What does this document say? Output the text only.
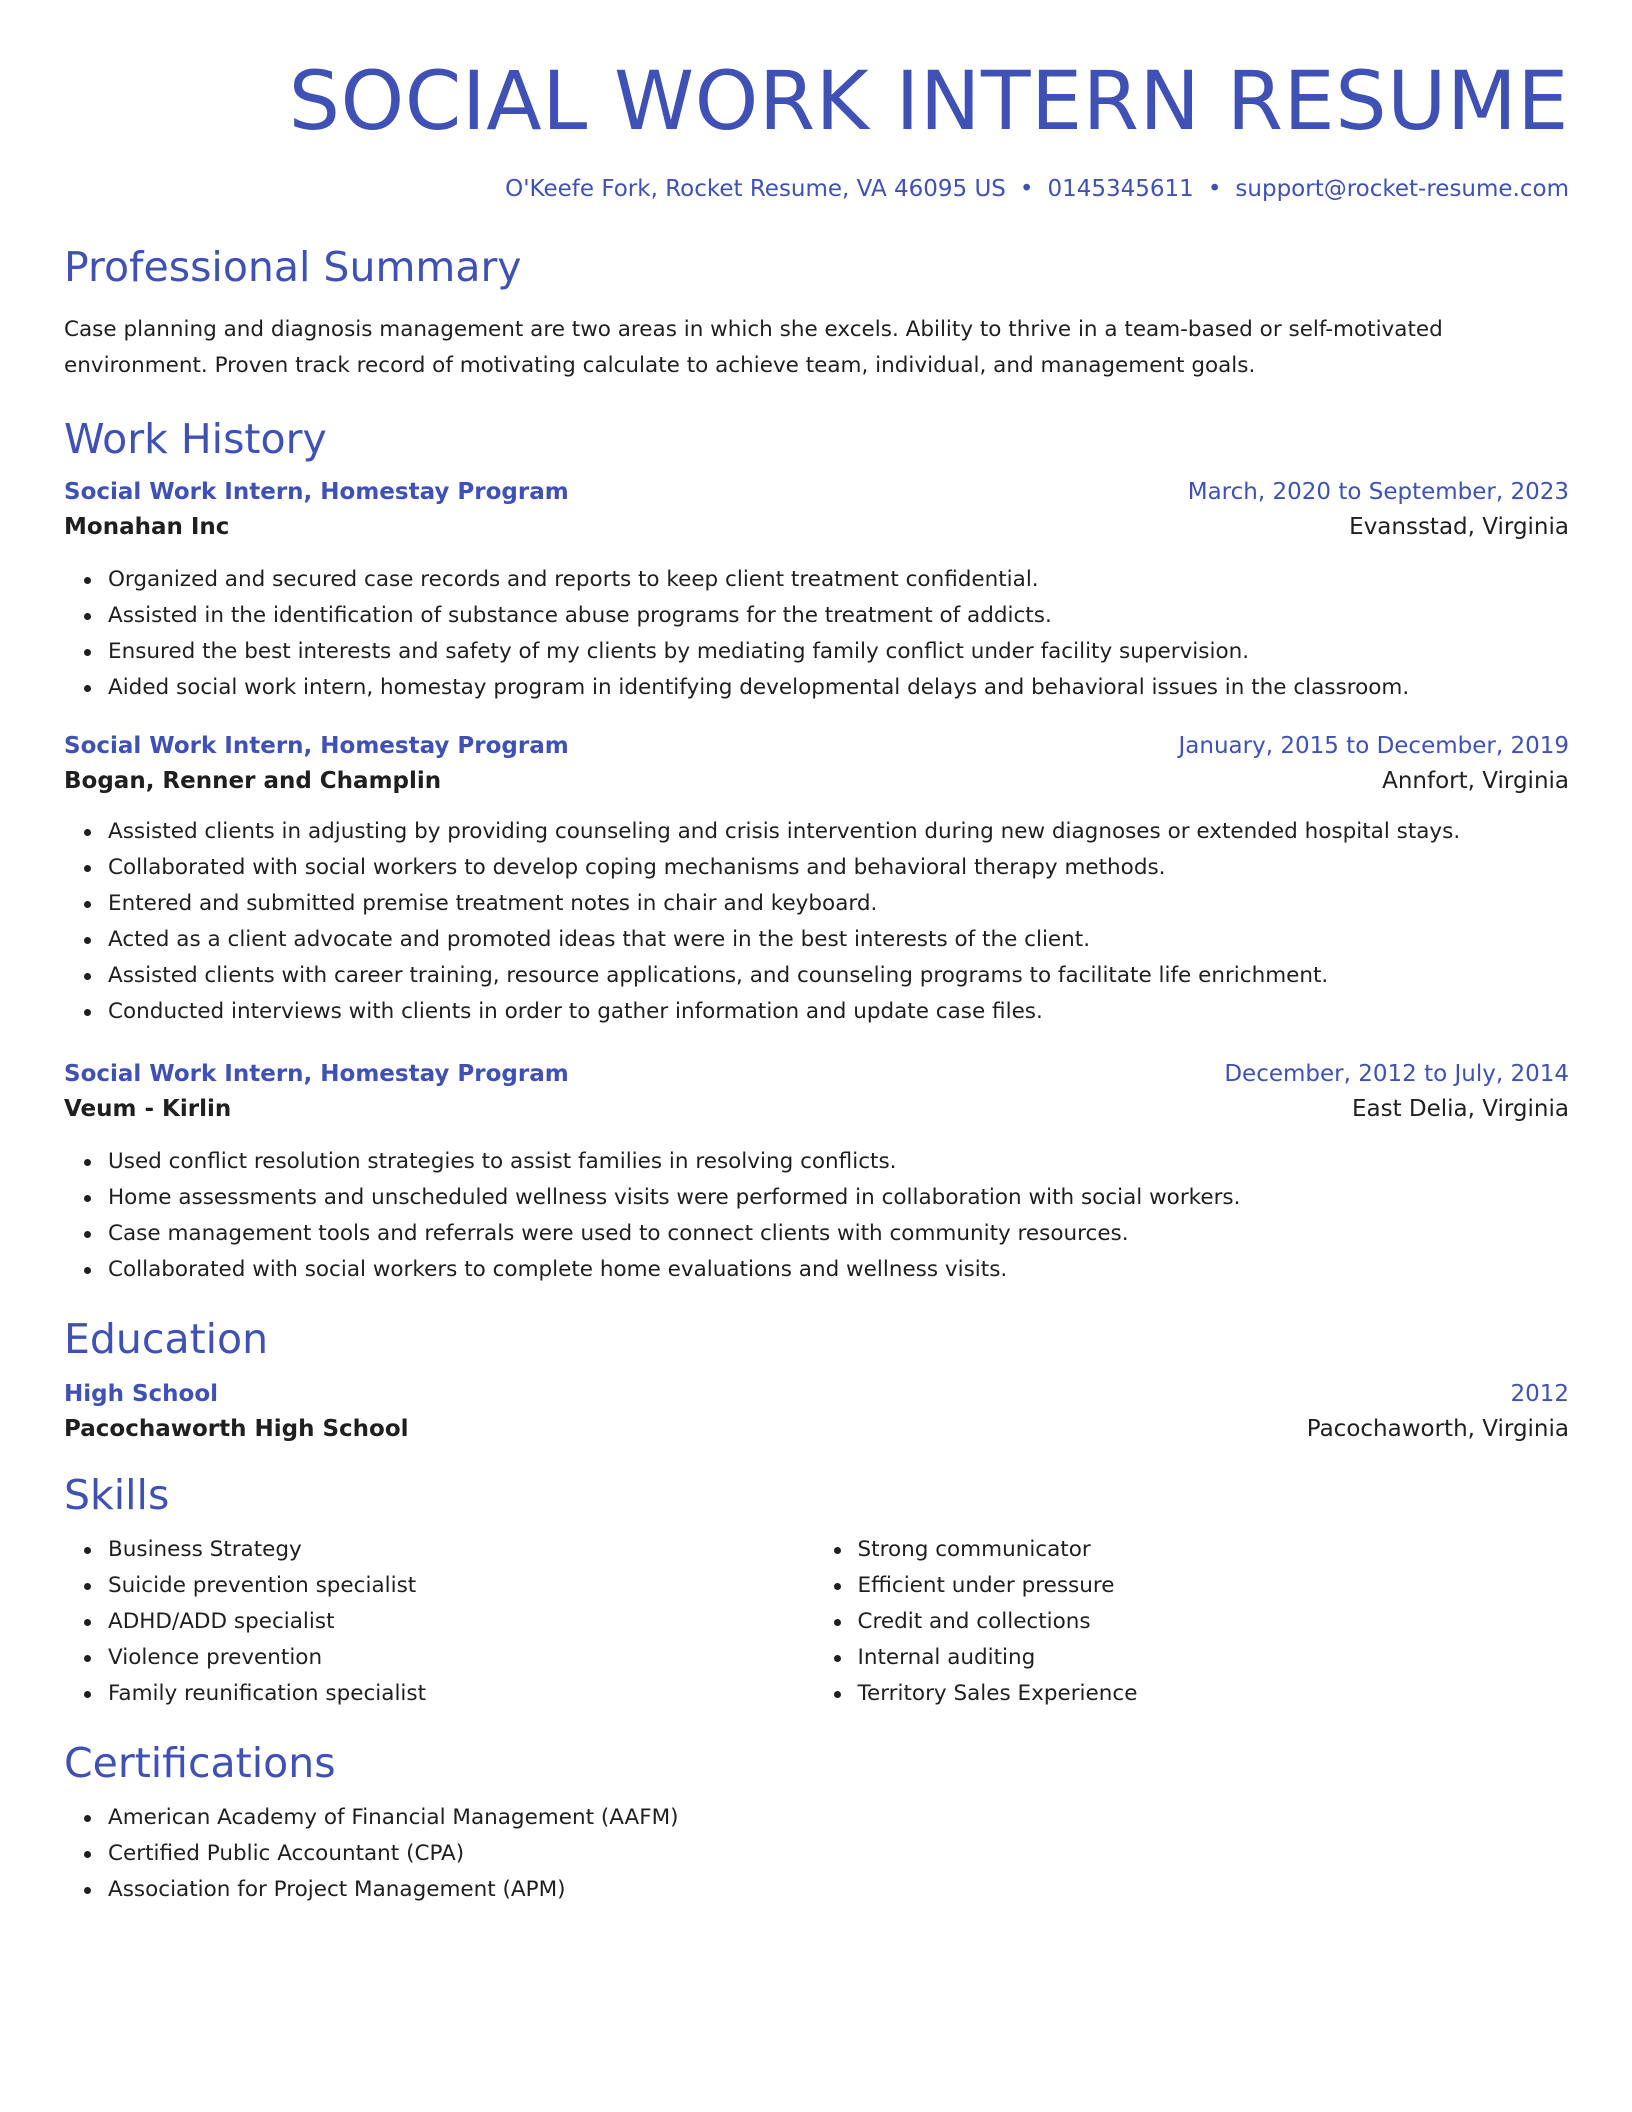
SOCIAL WORK INTERN RESUME
O'Keefe Fork, Rocket Resume, VA 46095 US • 0145345611 • support@rocket-resume.com
Professional Summary
Case planning and diagnosis management are two areas in which she excels. Ability to thrive in a team-based or self-motivated environment. Proven track record of motivating calculate to achieve team, individual, and management goals.
Work History
Social Work Intern, Homestay Program	March, 2020 to September, 2023
Monahan Inc	Evansstad, Virginia
Organized and secured case records and reports to keep client treatment confidential.
Assisted in the identification of substance abuse programs for the treatment of addicts.
Ensured the best interests and safety of my clients by mediating family conflict under facility supervision.
Aided social work intern, homestay program in identifying developmental delays and behavioral issues in the classroom.
Social Work Intern, Homestay Program	January, 2015 to December, 2019
Bogan, Renner and Champlin	Annfort, Virginia
Assisted clients in adjusting by providing counseling and crisis intervention during new diagnoses or extended hospital stays.
Collaborated with social workers to develop coping mechanisms and behavioral therapy methods.
Entered and submitted premise treatment notes in chair and keyboard.
Acted as a client advocate and promoted ideas that were in the best interests of the client.
Assisted clients with career training, resource applications, and counseling programs to facilitate life enrichment.
Conducted interviews with clients in order to gather information and update case files.
Social Work Intern, Homestay Program	December, 2012 to July, 2014
Veum - Kirlin	East Delia, Virginia
Used conflict resolution strategies to assist families in resolving conflicts.
Home assessments and unscheduled wellness visits were performed in collaboration with social workers.
Case management tools and referrals were used to connect clients with community resources.
Collaborated with social workers to complete home evaluations and wellness visits.
Education
High School	2012
Pacochaworth High School	Pacochaworth, Virginia
Skills
Business Strategy
Suicide prevention specialist
ADHD/ADD specialist
Violence prevention
Family reunification specialist
Strong communicator
Efficient under pressure
Credit and collections
Internal auditing
Territory Sales Experience
Certifications
American Academy of Financial Management (AAFM)
Certified Public Accountant (CPA)
Association for Project Management (APM)
